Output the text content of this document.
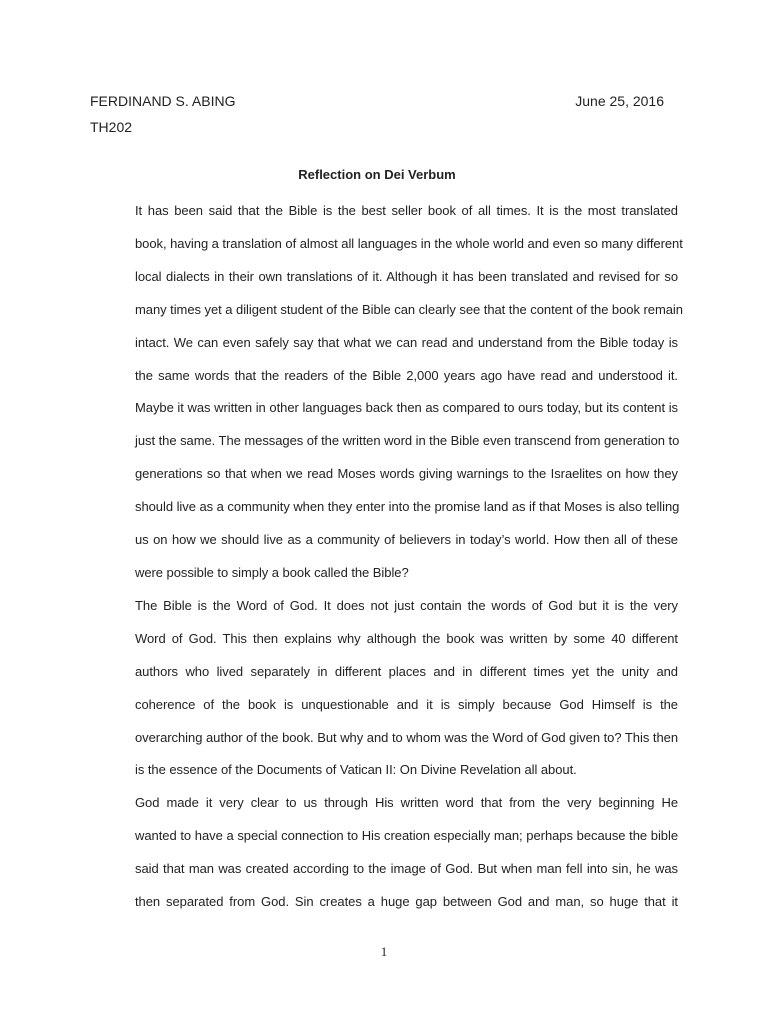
FERDINAND S. ABING	June 25, 2016
TH202
Reflection on Dei Verbum
It has been said that the Bible is the best seller book of all times. It is the most translated
book, having a translation of almost all languages in the whole world and even so many different
local dialects in their own translations of it. Although it has been translated and revised for so
many times yet a diligent student of the Bible can clearly see that the content of the book remain
intact. We can even safely say that what we can read and understand from the Bible today is
the same words that the readers of the Bible 2,000 years ago have read and understood it.
Maybe it was written in other languages back then as compared to ours today, but its content is
just the same. The messages of the written word in the Bible even transcend from generation to
generations so that when we read Moses words giving warnings to the Israelites on how they
should live as a community when they enter into the promise land as if that Moses is also telling
us on how we should live as a community of believers in today’s world. How then all of these
were possible to simply a book called the Bible?
The Bible is the Word of God. It does not just contain the words of God but it is the very
Word of God. This then explains why although the book was written by some 40 different
authors who lived separately in different places and in different times yet the unity and
coherence of the book is unquestionable and it is simply because God Himself is the
overarching author of the book. But why and to whom was the Word of God given to? This then
is the essence of the Documents of Vatican II: On Divine Revelation all about.
God made it very clear to us through His written word that from the very beginning He
wanted to have a special connection to His creation especially man; perhaps because the bible
said that man was created according to the image of God. But when man fell into sin, he was
then separated from God. Sin creates a huge gap between God and man, so huge that it
1
